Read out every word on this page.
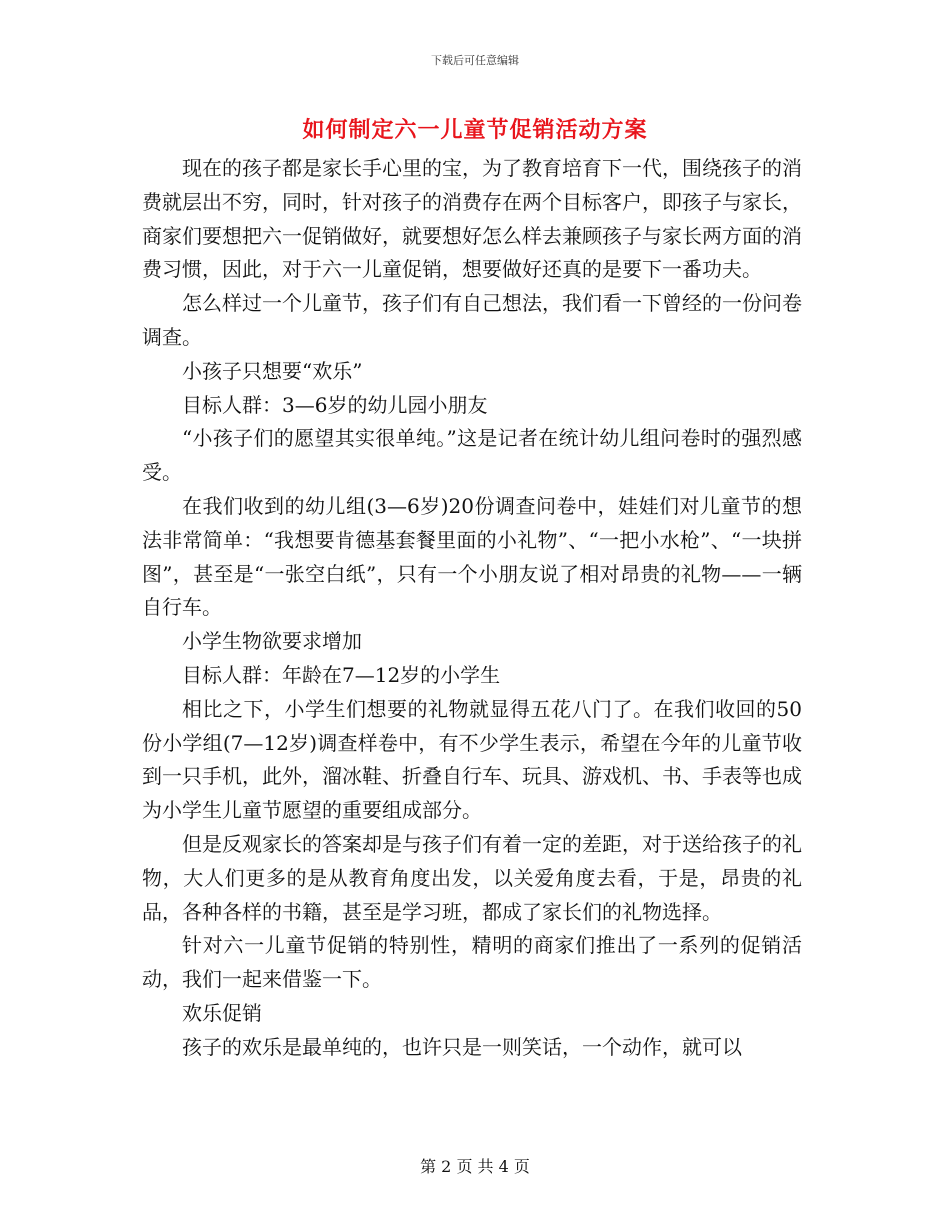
下载后可任意编辑
如何制定六一儿童节促销活动方案

现在的孩子都是家长手心里的宝，为了教育培育下一代，围绕孩子的消费就层出不穷，同时，针对孩子的消费存在两个目标客户，即孩子与家长，商家们要想把六一促销做好，就要想好怎么样去兼顾孩子与家长两方面的消费习惯，因此，对于六一儿童促销，想要做好还真的是要下一番功夫。

怎么样过一个儿童节，孩子们有自己想法，我们看一下曾经的一份问卷调查。

小孩子只想要“欢乐”

目标人群：3—6岁的幼儿园小朋友

“小孩子们的愿望其实很单纯。”这是记者在统计幼儿组问卷时的强烈感受。

在我们收到的幼儿组(3—6岁)20份调查问卷中，娃娃们对儿童节的想法非常简单：“我想要肯德基套餐里面的小礼物”、“一把小水枪”、“一块拼图”，甚至是“一张空白纸”，只有一个小朋友说了相对昂贵的礼物——一辆自行车。

小学生物欲要求增加

目标人群：年龄在7—12岁的小学生

相比之下，小学生们想要的礼物就显得五花八门了。在我们收回的50份小学组(7—12岁)调查样卷中，有不少学生表示，希望在今年的儿童节收到一只手机，此外，溜冰鞋、折叠自行车、玩具、游戏机、书、手表等也成为小学生儿童节愿望的重要组成部分。

但是反观家长的答案却是与孩子们有着一定的差距，对于送给孩子的礼物，大人们更多的是从教育角度出发，以关爱角度去看，于是，昂贵的礼品，各种各样的书籍，甚至是学习班，都成了家长们的礼物选择。

针对六一儿童节促销的特别性，精明的商家们推出了一系列的促销活动，我们一起来借鉴一下。

欢乐促销

孩子的欢乐是最单纯的，也许只是一则笑话，一个动作，就可以

第 2 页 共 4 页
